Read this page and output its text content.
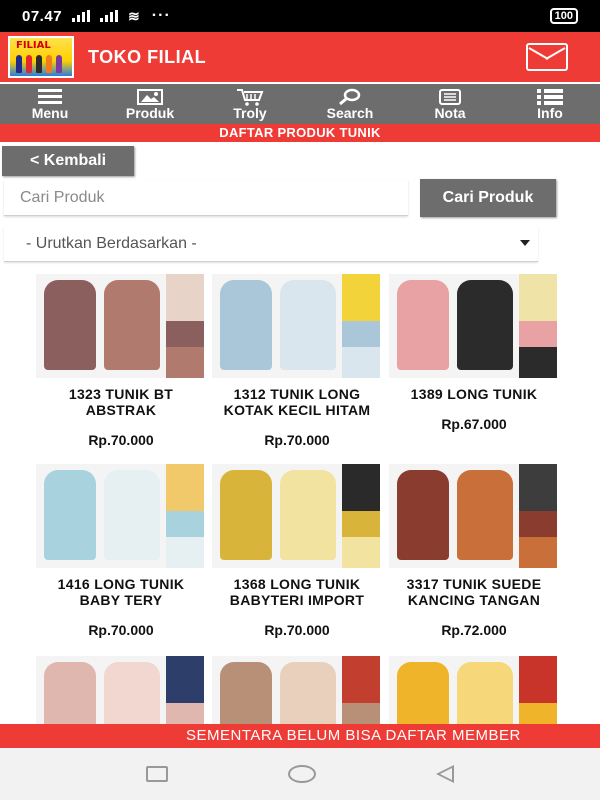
07.47	≋ ···	100
FILIAL
TOKO FILIAL
Menu	Produk	Troly	Search	Nota	Info
DAFTAR PRODUK TUNIK
< Kembali
Cari Produk
Cari Produk
- Urutkan Berdasarkan -
1323 TUNIK BT ABSTRAK
Rp.70.000
1312 TUNIK LONG KOTAK KECIL HITAM
Rp.70.000
1389 LONG TUNIK
Rp.67.000
1416 LONG TUNIK BABY TERY
Rp.70.000
1368 LONG TUNIK BABYTERI IMPORT
Rp.70.000
3317 TUNIK SUEDE KANCING TANGAN
Rp.72.000
SEMENTARA BELUM BISA DAFTAR MEMBER
